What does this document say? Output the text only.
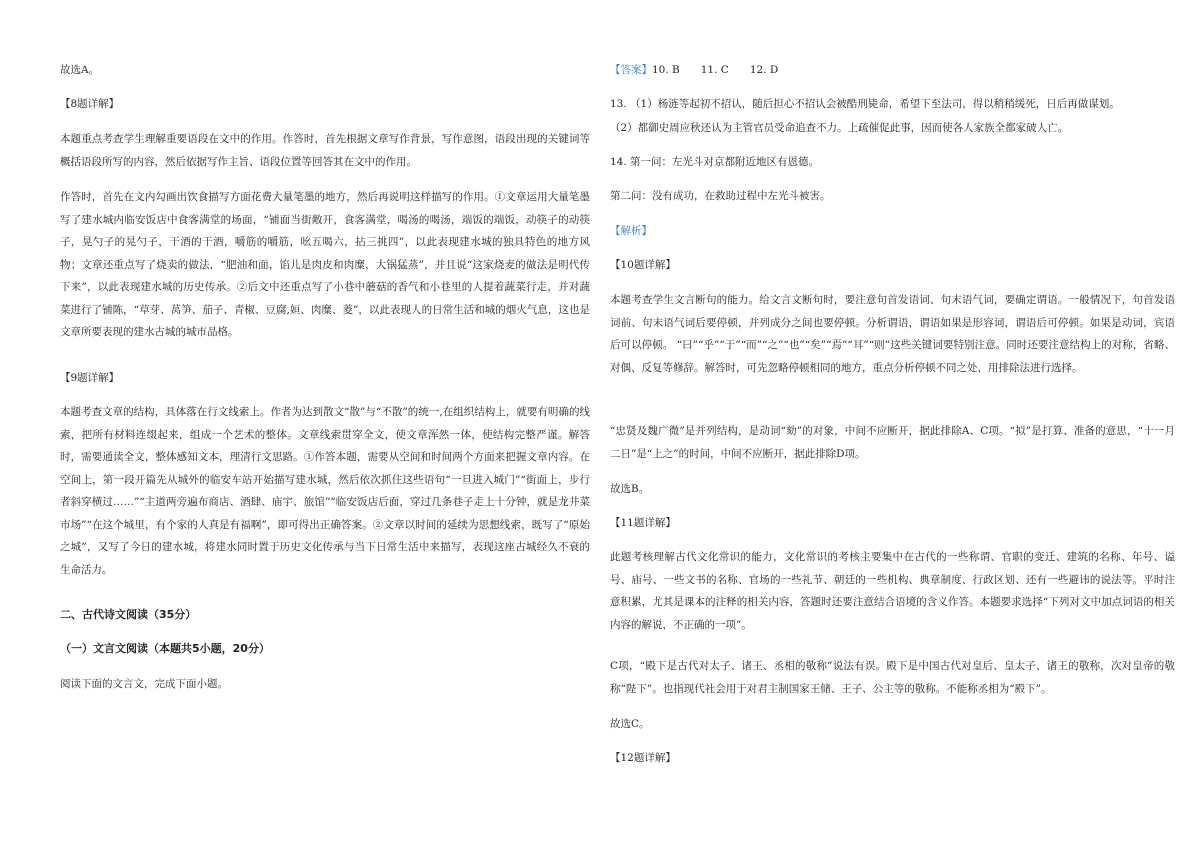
故选A。

【8题详解】

本题重点考查学生理解重要语段在文中的作用。作答时，首先根据文章写作背景，写作意图，语段出现的关键词等概括语段所写的内容，然后依据写作主旨、语段位置等回答其在文中的作用。

作答时，首先在文内勾画出饮食描写方面花费大量笔墨的地方，然后再说明这样描写的作用。①文章运用大量笔墨写了建水城内临安饭店中食客满堂的场面，“铺面当街敞开，食客满堂，喝汤的喝汤，端饭的端饭，动筷子的动筷子，晃勺子的晃勺子，干酒的干酒，嚼筋的嚼筋，吆五喝六，拈三挑四”，以此表现建水城的独具特色的地方风物；文章还重点写了烧卖的做法，“肥油和面，馅儿是肉皮和肉糜，大锅猛蒸”，并且说“这家烧麦的做法是明代传下来”，以此表现建水城的历史传承。②后文中还重点写了小巷中蘑菇的香气和小巷里的人提着蔬菜行走，并对蔬菜进行了铺陈，“草芽、莴笋、茄子、青椒、豆腐,姮、肉糜、菱”，以此表现人的日常生活和城的烟火气息，这也是文章所要表现的建水古城的城市品格。

【9题详解】

本题考查文章的结构，具体落在行文线索上。作者为达到散文“散”与“不散”的统一,在组织结构上，就要有明确的线索，把所有材料连缀起来，组成一个艺术的整体。文章线索贯穿全文，使文章浑然一体，使结构完整严谨。解答时，需要通读全文，整体感知文本，理清行文思路。①作答本题，需要从空间和时间两个方面来把握文章内容。在空间上，第一段开篇先从城外的临安车站开始描写建水城，然后依次抓住这些语句“一旦进入城门”“街面上，步行者斜穿横过……”“主道两旁遍布商店、酒肆、庙宇、旅馆”“临安饭店后面，穿过几条巷子走上十分钟，就是龙井菜市场”“在这个城里，有个家的人真是有福啊”，即可得出正确答案。②文章以时间的延续为思想线索，既写了“原始之城”，又写了今日的建水城，将建水同时置于历史文化传承与当下日常生活中来描写，表现这座古城经久不衰的生命活力。

二、古代诗文阅读（35分）

（一）文言文阅读（本题共5小题，20分）

阅读下面的文言文，完成下面小题。

【答案】10. B　　11. C　　12. D

13. （1）杨涟等起初不招认，随后担心不招认会被酷刑毙命，希望下至法司，得以稍稍缓死，日后再做谋划。

（2）都御史周应秋还认为主管官员受命追查不力。上疏催促此事，因而使各人家族全都家破人亡。

14. 第一问：左光斗对京都附近地区有恩德。

第二问：没有成功，在救助过程中左光斗被害。

【解析】

【10题详解】

本题考查学生文言断句的能力。给文言文断句时，要注意句首发语词、句末语气词，要确定谓语。一般情况下，句首发语词前、句末语气词后要停顿，并列成分之间也要停顿。分析谓语，谓语如果是形容词，谓语后可停顿。如果是动词，宾语后可以停顿。 “曰”“乎”“于”“而”“之”“也”“矣”“焉”“耳”“则”这些关键词要特别注意。同时还要注意结构上的对称，省略、对偶、反复等修辞。解答时，可先忽略停顿相同的地方，重点分析停顿不同之处，用排除法进行选择。

“忠贤及魏广微”是并列结构，是动词“劾”的对象，中间不应断开，据此排除A、C项。“拟”是打算、准备的意思，“十一月二日”是“上之”的时间，中间不应断开，据此排除D项。

故选B。

【11题详解】

此题考核理解古代文化常识的能力，文化常识的考核主要集中在古代的一些称谓、官职的变迁、建筑的名称、年号、谥号、庙号、一些文书的名称、官场的一些礼节、朝廷的一些机构、典章制度、行政区划、还有一些避讳的说法等。平时注意积累，尤其是课本的注释的相关内容，答题时还要注意结合语境的含义作答。本题要求选择“下列对文中加点词语的相关内容的解说，不正确的一项”。

C项，“殿下是古代对太子、诸王、丞相的敬称”说法有误。殿下是中国古代对皇后、皇太子、诸王的敬称，次对皇帝的敬称“陛下”。也指现代社会用于对君主制国家王储、王子、公主等的敬称。不能称丞相为“殿下”。

故选C。

【12题详解】
